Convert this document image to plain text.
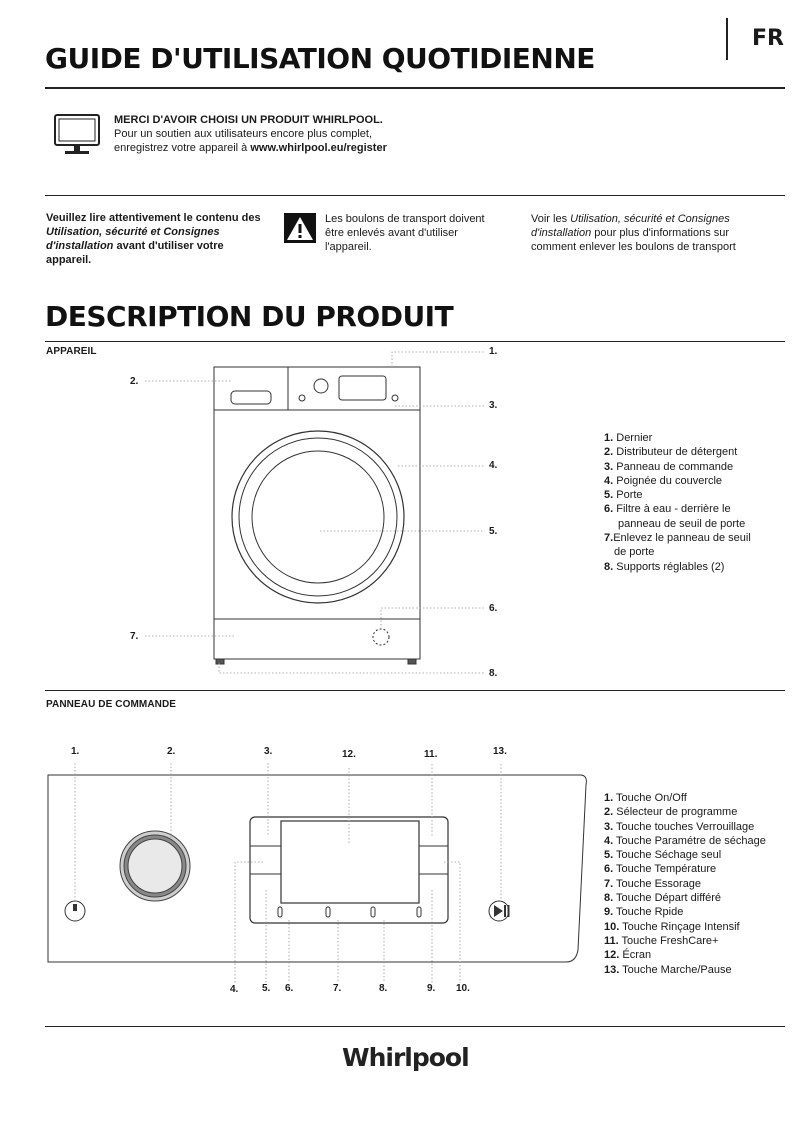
FR
GUIDE D'UTILISATION QUOTIDIENNE
MERCI D'AVOIR CHOISI UN PRODUIT WHIRLPOOL.
Pour un soutien aux utilisateurs encore plus complet,
enregistrez votre appareil à www.whirlpool.eu/register
Veuillez lire attentivement le contenu des Utilisation, sécurité et Consignes d'installation avant d'utiliser votre appareil.
Les boulons de transport doivent être enlevés avant d'utiliser l'appareil.
Voir les Utilisation, sécurité et Consignes d'installation pour plus d'informations sur comment enlever les boulons de transport
DESCRIPTION DU PRODUIT
APPAREIL	1.
2.
3.
4.
5.
6.
7.
8.
1. Dernier
2. Distributeur de détergent
3. Panneau de commande
4. Poignée du couvercle
5. Porte
6. Filtre à eau - derrière le
panneau de seuil de porte
7.Enlevez le panneau de seuil
de porte
8. Supports réglables (2)
PANNEAU DE COMMANDE
1.	2.	3.	12.	11.	13.
4. 5. 6.	7.	8.	9. 10.
1. Touche On/Off
2. Sélecteur de programme
3. Touche touches Verrouillage
4. Touche Paramétre de séchage
5. Touche Séchage seul
6. Touche Température
7. Touche Essorage
8. Touche Départ différé
9. Touche Rpide
10. Touche Rinçage Intensif
11. Touche FreshCare+
12. Écran
13. Touche Marche/Pause
Whirlpool
